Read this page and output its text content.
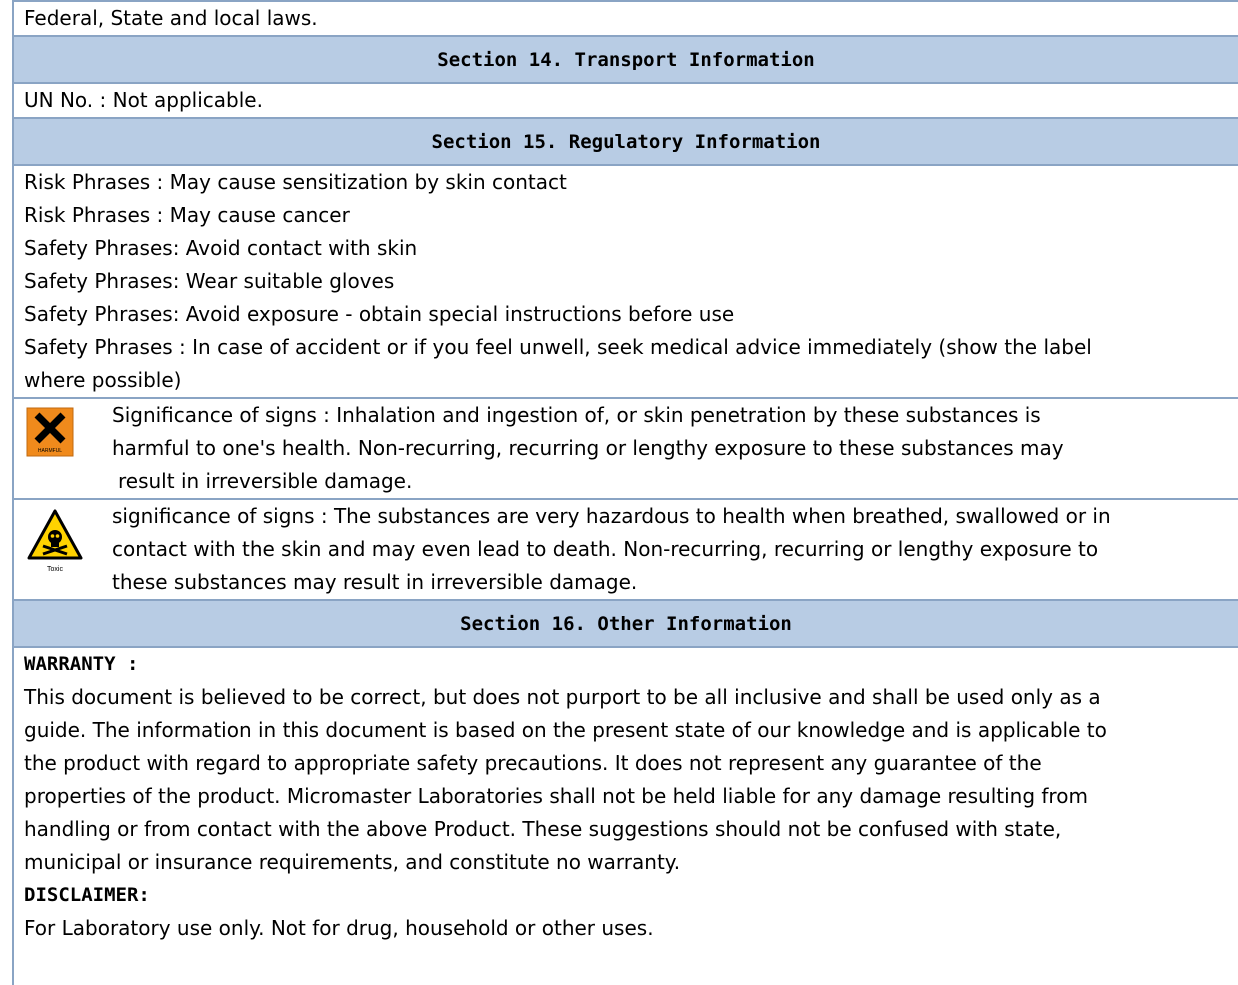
Federal, State and local laws.
Section 14. Transport Information
UN No. : Not applicable.
Section 15. Regulatory Information
Risk Phrases : May cause sensitization by skin contact
Risk Phrases : May cause cancer
Safety Phrases: Avoid contact with skin
Safety Phrases: Wear suitable gloves
Safety Phrases: Avoid exposure - obtain special instructions before use
Safety Phrases : In case of accident or if you feel unwell, seek medical advice immediately (show the label
where possible)
HARMFUL
Significance of signs : Inhalation and ingestion of, or skin penetration by these substances is
harmful to one's health. Non-recurring, recurring or lengthy exposure to these substances may
result in irreversible damage.
Toxic
significance of signs : The substances are very hazardous to health when breathed, swallowed or in
contact with the skin and may even lead to death. Non-recurring, recurring or lengthy exposure to
these substances may result in irreversible damage.
Section 16. Other Information
WARRANTY :
This document is believed to be correct, but does not purport to be all inclusive and shall be used only as a
guide. The information in this document is based on the present state of our knowledge and is applicable to
the product with regard to appropriate safety precautions. It does not represent any guarantee of the
properties of the product. Micromaster Laboratories shall not be held liable for any damage resulting from
handling or from contact with the above Product. These suggestions should not be confused with state,
municipal or insurance requirements, and constitute no warranty.
DISCLAIMER:
For Laboratory use only. Not for drug, household or other uses.
